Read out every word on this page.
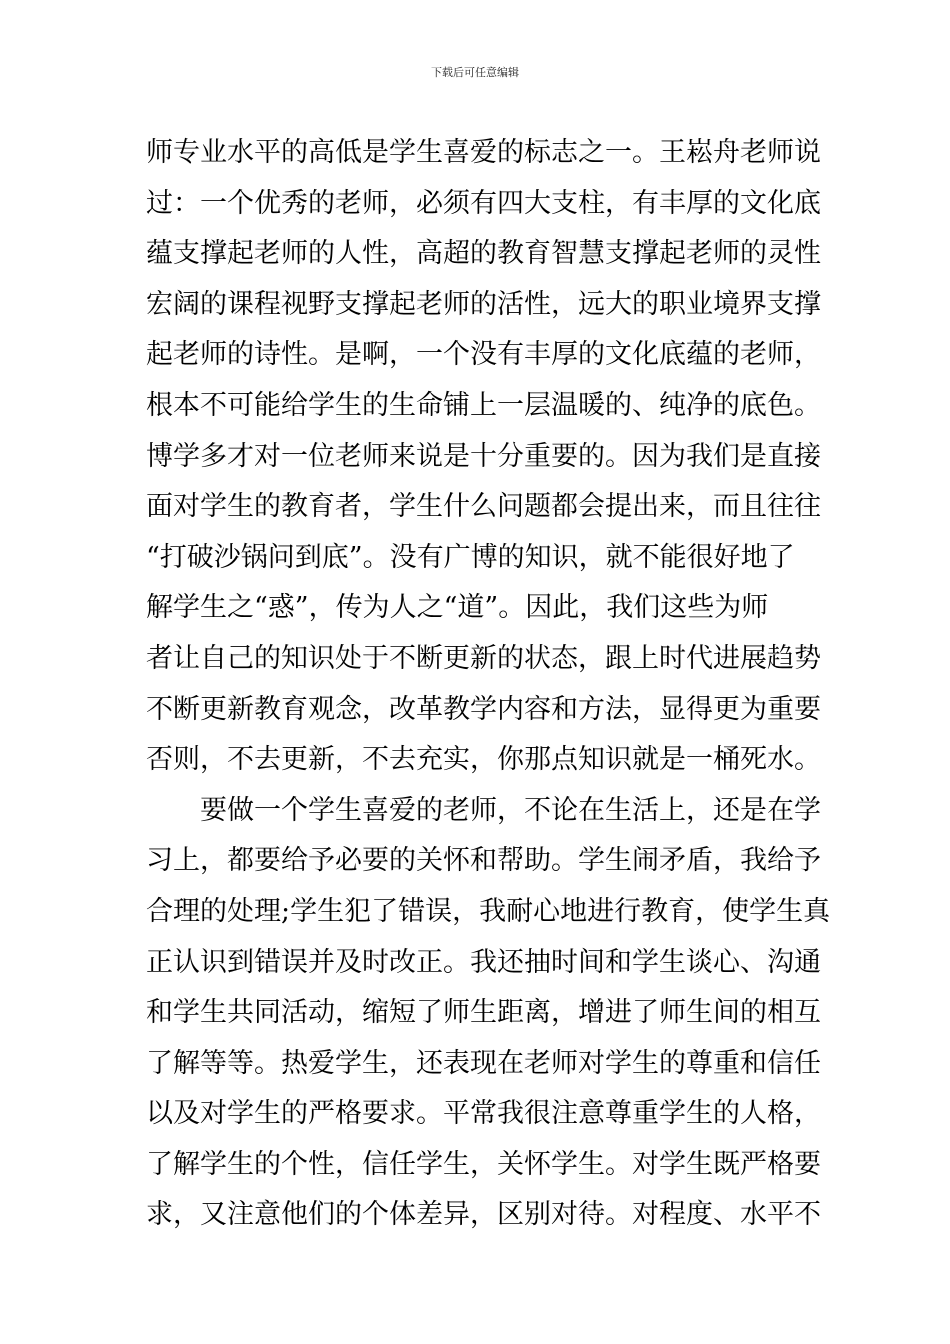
下载后可任意编辑
师专业水平的高低是学生喜爱的标志之一。王崧舟老师说
过：一个优秀的老师，必须有四大支柱，有丰厚的文化底
蕴支撑起老师的人性，高超的教育智慧支撑起老师的灵性
宏阔的课程视野支撑起老师的活性，远大的职业境界支撑
起老师的诗性。是啊，一个没有丰厚的文化底蕴的老师，
根本不可能给学生的生命铺上一层温暖的、纯净的底色。
博学多才对一位老师来说是十分重要的。因为我们是直接
面对学生的教育者，学生什么问题都会提出来，而且往往
“打破沙锅问到底”。没有广博的知识，就不能很好地了
解学生之“惑”，传为人之“道”。因此，我们这些为师
者让自己的知识处于不断更新的状态，跟上时代进展趋势
不断更新教育观念，改革教学内容和方法，显得更为重要
否则，不去更新，不去充实，你那点知识就是一桶死水。
　　要做一个学生喜爱的老师，不论在生活上，还是在学
习上，都要给予必要的关怀和帮助。学生闹矛盾，我给予
合理的处理;学生犯了错误，我耐心地进行教育，使学生真
正认识到错误并及时改正。我还抽时间和学生谈心、沟通
和学生共同活动，缩短了师生距离，增进了师生间的相互
了解等等。热爱学生，还表现在老师对学生的尊重和信任
以及对学生的严格要求。平常我很注意尊重学生的人格，
了解学生的个性，信任学生，关怀学生。对学生既严格要
求，又注意他们的个体差异，区别对待。对程度、水平不
